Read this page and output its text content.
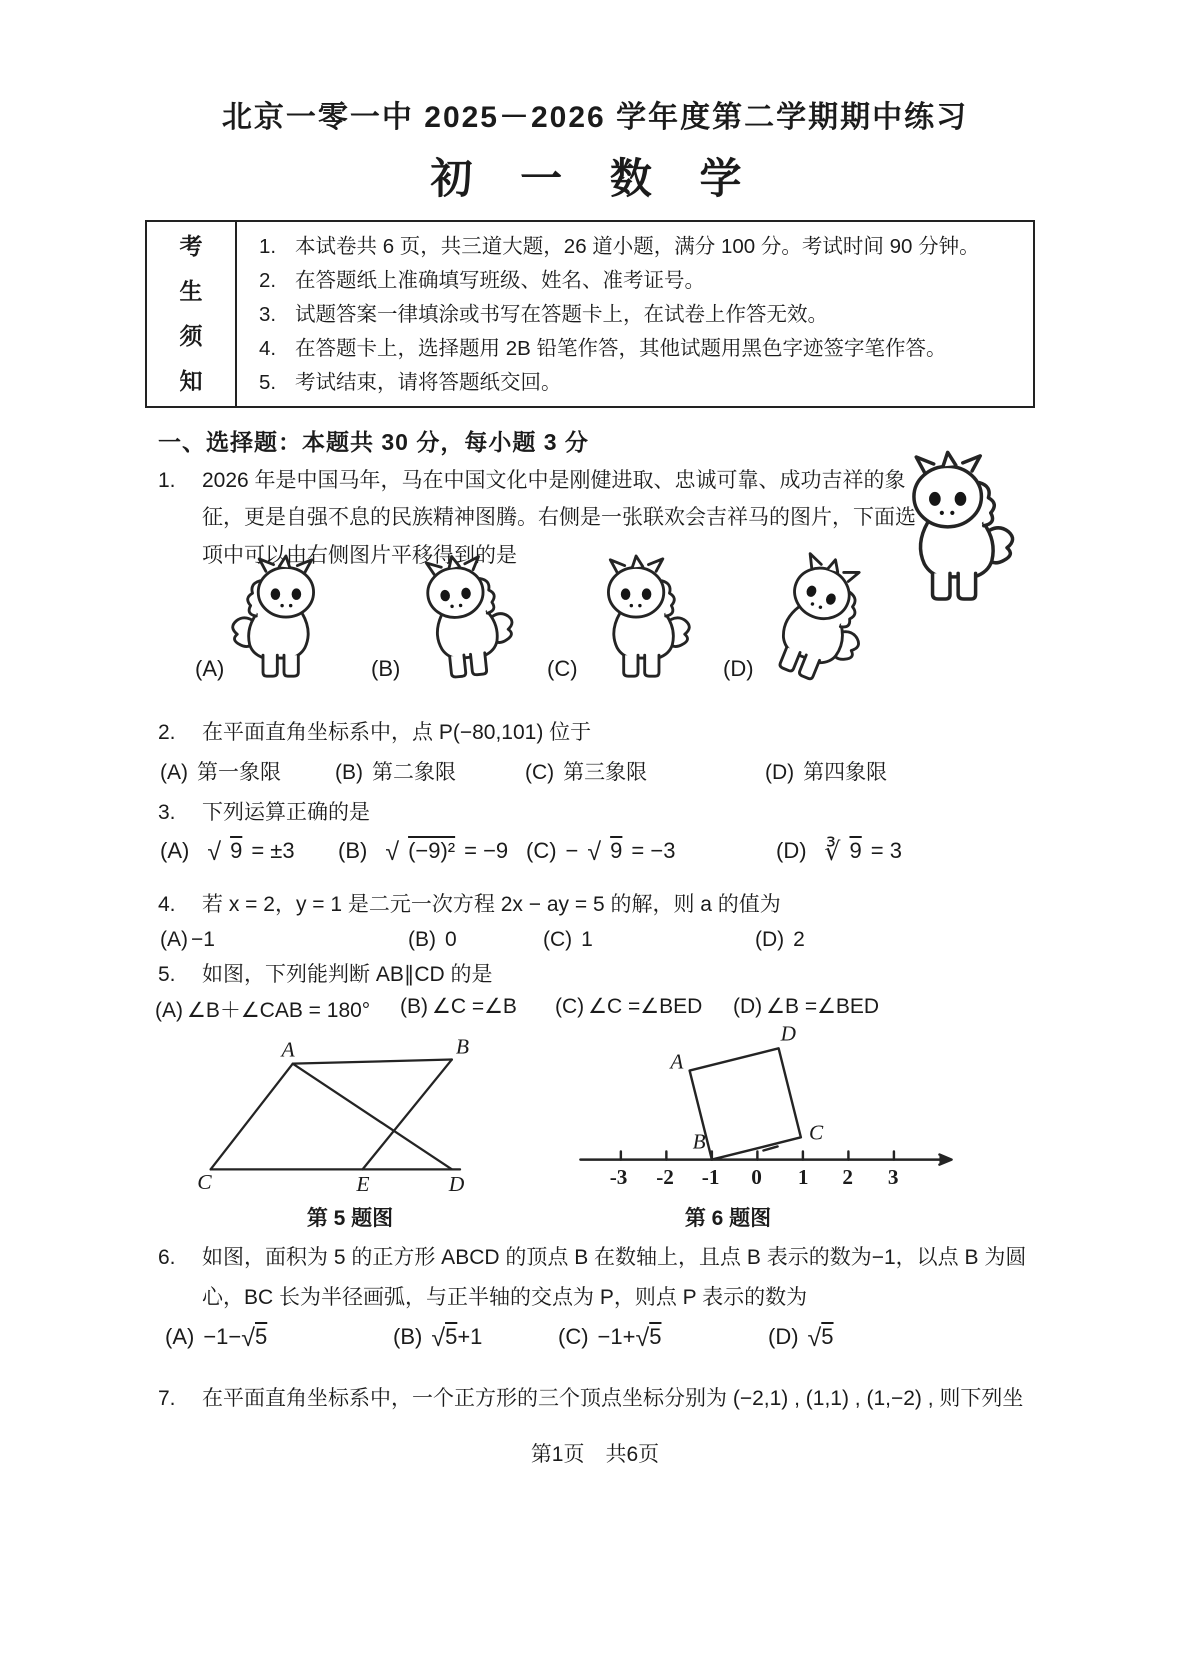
北京一零一中 2025－2026 学年度第二学期期中练习
初 一 数 学
考生须知
1. 本试卷共 6 页，共三道大题，26 道小题，满分 100 分。考试时间 90 分钟。
2. 在答题纸上准确填写班级、姓名、准考证号。
3. 试题答案一律填涂或书写在答题卡上，在试卷上作答无效。
4. 在答题卡上，选择题用 2B 铅笔作答，其他试题用黑色字迹签字笔作答。
5. 考试结束，请将答题纸交回。
一、选择题：本题共 30 分，每小题 3 分
1.	2026 年是中国马年，马在中国文化中是刚健进取、忠诚可靠、成功吉祥的象征，更是自强不息的民族精神图腾。右侧是一张联欢会吉祥马的图片，下面选项中可以由右侧图片平移得到的是
(A)	(B)	(C)	(D)
2.	在平面直角坐标系中，点 P(−80,101) 位于
(A) 第一象限	(B) 第二象限	(C) 第三象限	(D) 第四象限
3.	下列运算正确的是
(A) √ 9 = ±3 (B) √ (−9)² = −9 (C) − √ 9 = −3	(D) ∛ 9 = 3
4.	若 x = 2，y = 1 是二元一次方程 2x − ay = 5 的解，则 a 的值为
(A) −1	(B) 0	(C) 1	(D) 2
5.	如图，下列能判断 AB∥CD 的是
(A) ∠B＋∠CAB = 180° (B) ∠C =∠B (C) ∠C =∠BED (D) ∠B =∠BED
A	B
C	E	D
第 5 题图
A
B	C
D
-3 -2 -1 0 1 2 3
第 6 题图
6.	如图，面积为 5 的正方形 ABCD 的顶点 B 在数轴上，且点 B 表示的数为−1，以点 B 为圆心，BC 长为半径画弧，与正半轴的交点为 P，则点 P 表示的数为
(A) −1− √ 5	(B) √ 5 +1	(C) −1+ √ 5	(D) √ 5
7.	在平面直角坐标系中，一个正方形的三个顶点坐标分别为 (−2,1) , (1,1) , (1,−2) , 则下列坐
第1页　共6页
